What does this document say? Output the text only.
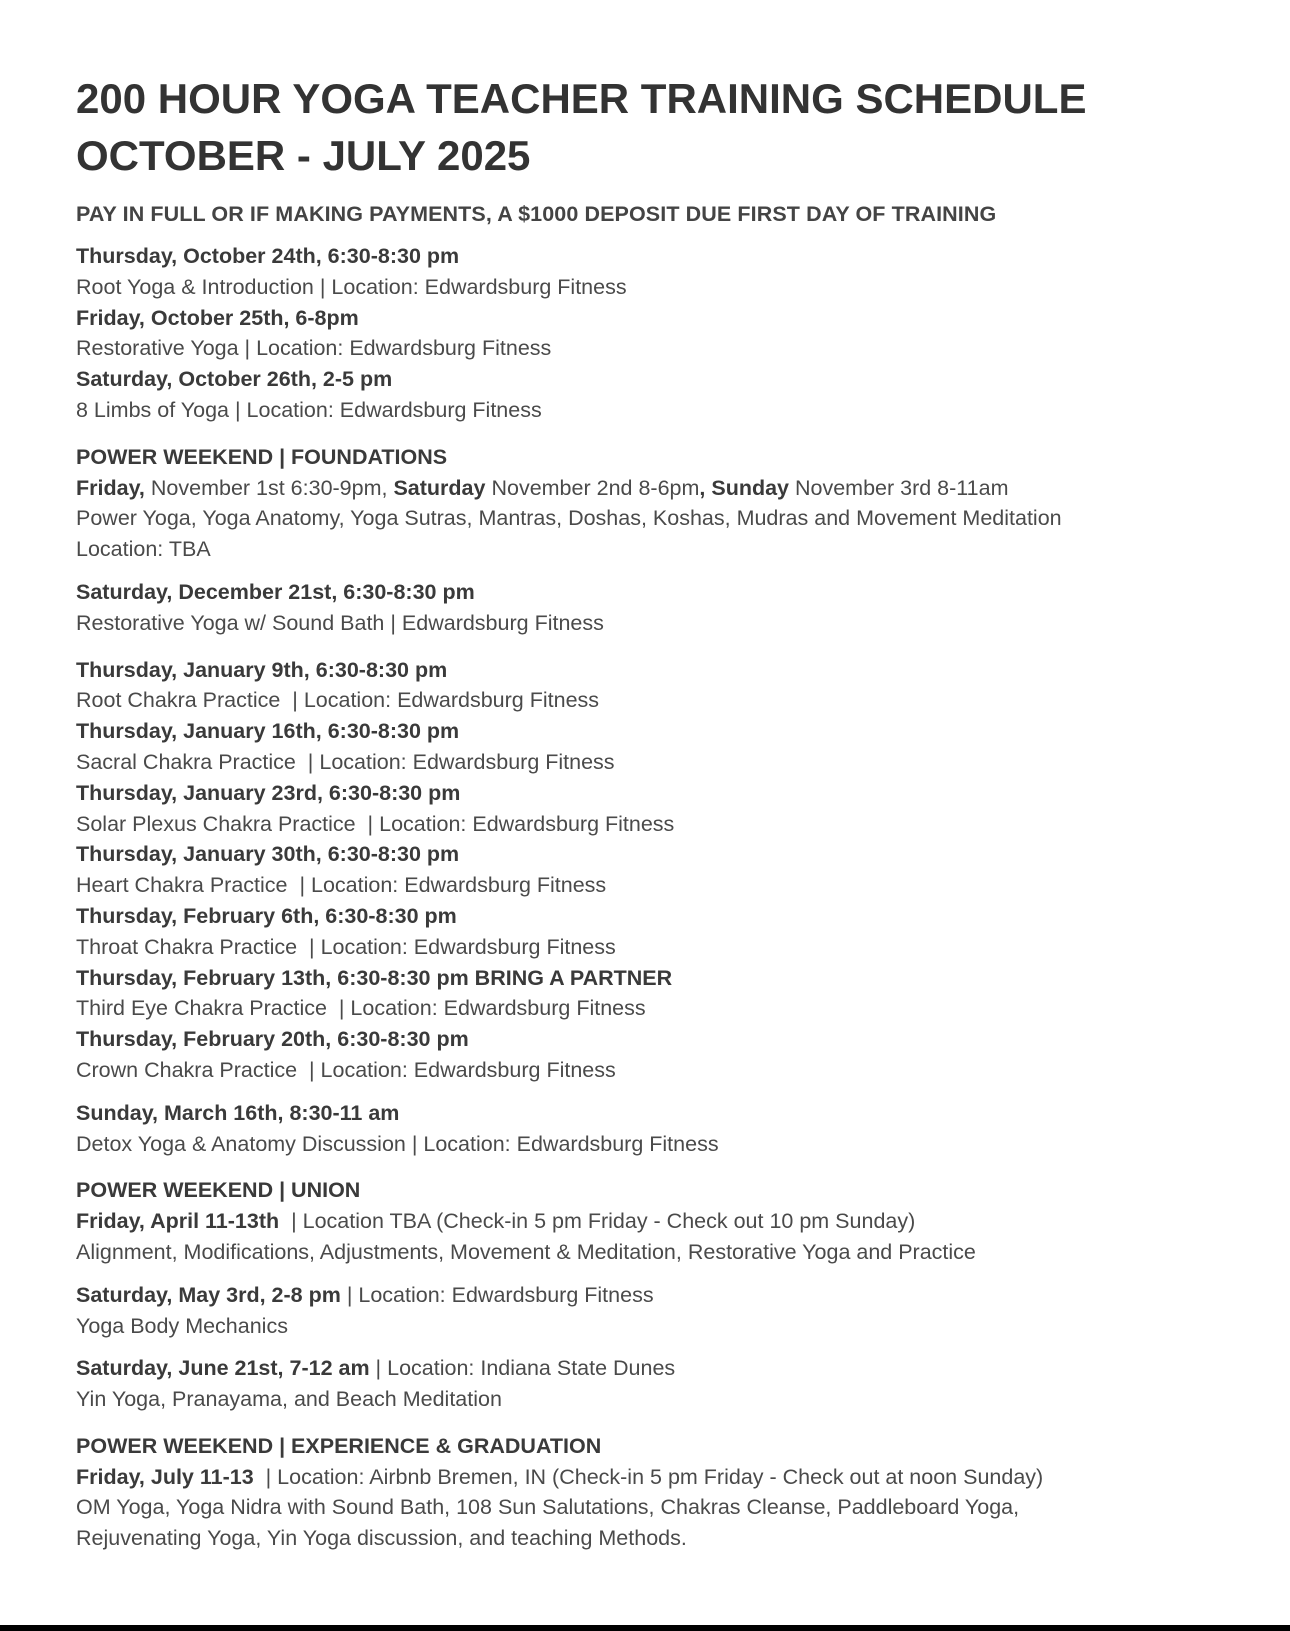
200 HOUR YOGA TEACHER TRAINING SCHEDULE
OCTOBER - JULY 2025
PAY IN FULL OR IF MAKING PAYMENTS, A $1000 DEPOSIT DUE FIRST DAY OF TRAINING
Thursday, October 24th, 6:30-8:30 pm
Root Yoga & Introduction | Location: Edwardsburg Fitness
Friday, October 25th, 6-8pm
Restorative Yoga | Location: Edwardsburg Fitness
Saturday, October 26th, 2-5 pm
8 Limbs of Yoga | Location: Edwardsburg Fitness
POWER WEEKEND | FOUNDATIONS
Friday, November 1st 6:30-9pm, Saturday November 2nd 8-6pm, Sunday November 3rd 8-11am
Power Yoga, Yoga Anatomy, Yoga Sutras, Mantras, Doshas, Koshas, Mudras and Movement Meditation
Location: TBA
Saturday, December 21st, 6:30-8:30 pm
Restorative Yoga w/ Sound Bath | Edwardsburg Fitness
Thursday, January 9th, 6:30-8:30 pm
Root Chakra Practice  | Location: Edwardsburg Fitness
Thursday, January 16th, 6:30-8:30 pm
Sacral Chakra Practice  | Location: Edwardsburg Fitness
Thursday, January 23rd, 6:30-8:30 pm
Solar Plexus Chakra Practice  | Location: Edwardsburg Fitness
Thursday, January 30th, 6:30-8:30 pm
Heart Chakra Practice  | Location: Edwardsburg Fitness
Thursday, February 6th, 6:30-8:30 pm
Throat Chakra Practice  | Location: Edwardsburg Fitness
Thursday, February 13th, 6:30-8:30 pm BRING A PARTNER
Third Eye Chakra Practice  | Location: Edwardsburg Fitness
Thursday, February 20th, 6:30-8:30 pm
Crown Chakra Practice  | Location: Edwardsburg Fitness
Sunday, March 16th, 8:30-11 am
Detox Yoga & Anatomy Discussion | Location: Edwardsburg Fitness
POWER WEEKEND | UNION
Friday, April 11-13th  | Location TBA (Check-in 5 pm Friday - Check out 10 pm Sunday)
Alignment, Modifications, Adjustments, Movement & Meditation, Restorative Yoga and Practice
Saturday, May 3rd, 2-8 pm | Location: Edwardsburg Fitness
Yoga Body Mechanics
Saturday, June 21st, 7-12 am | Location: Indiana State Dunes
Yin Yoga, Pranayama, and Beach Meditation
POWER WEEKEND | EXPERIENCE & GRADUATION
Friday, July 11-13  | Location: Airbnb Bremen, IN (Check-in 5 pm Friday - Check out at noon Sunday)
OM Yoga, Yoga Nidra with Sound Bath, 108 Sun Salutations, Chakras Cleanse, Paddleboard Yoga,
Rejuvenating Yoga, Yin Yoga discussion, and teaching Methods.
